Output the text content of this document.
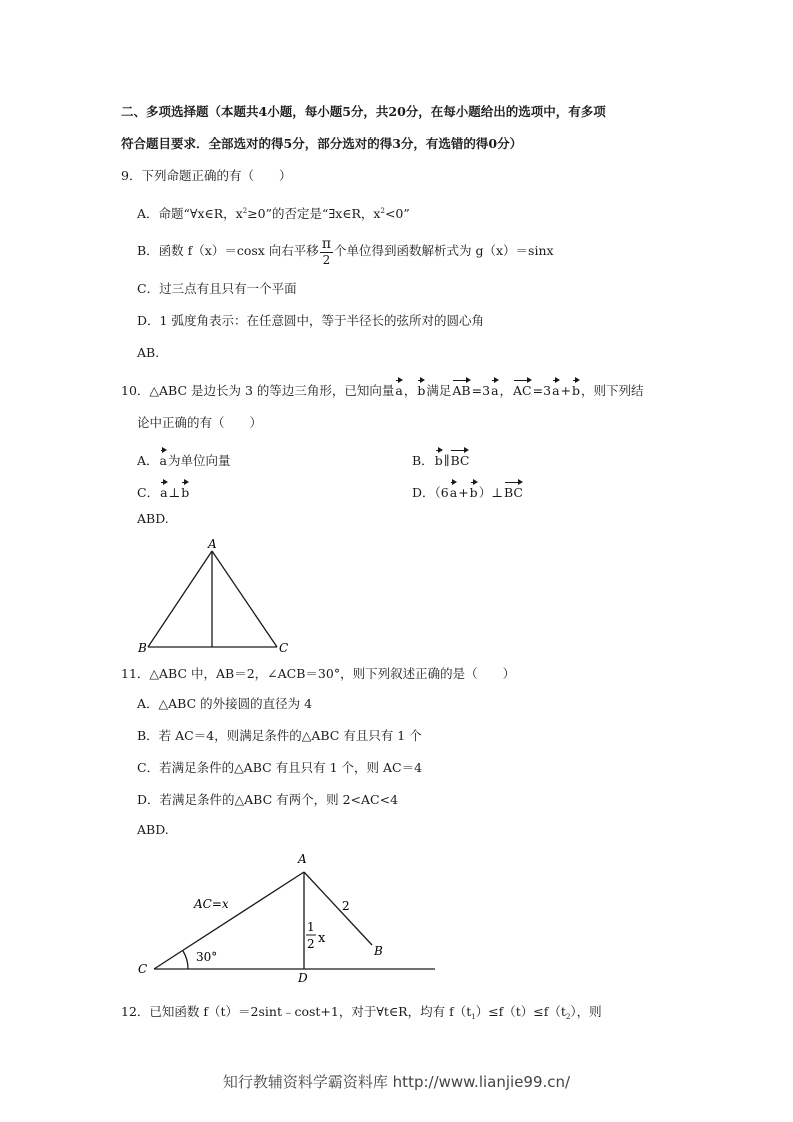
二、多项选择题（本题共4小题，每小题5分，共20分，在每小题给出的选项中，有多项
符合题目要求．全部选对的得5分，部分选对的得3分，有选错的得0分）
9．下列命题正确的有（　　）
A．命题“∀x∈R，$x^2\ge 0$”的否定是“∃x∈R，$x^2<0$”
B．函数 f（x）＝cosx 向右平移 $\frac{\pi}{2}$ 个单位得到函数解析式为 g（x）＝sinx
C．过三点有且只有一个平面
D．1 弧度角表示：在任意圆中，等于半径长的弦所对的圆心角
AB.
10．△ABC 是边长为 3 的等边三角形，已知向量
a，
b满足
AB=3
a，
AC=3
a+
b，则下列结
论中正确的有（　　）
A．
a为单位向量	B．
b∥
BC
C．
a⊥
b	D．（6
a+
b）⊥
BC
ABD.
A
B	C
11．△ABC 中，AB＝2，∠ACB＝30°，则下列叙述正确的是（　　）
A．△ABC 的外接圆的直径为 4
B．若 AC＝4，则满足条件的△ABC 有且只有 1 个
C．若满足条件的△ABC 有且只有 1 个，则 AC＝4
D．若满足条件的△ABC 有两个，则 2<AC<4
ABD.
A
C
D
B
AC=x	2
1
2 x
30°
12．已知函数 f（t）＝2sint﹣cost+1，对于∀t∈R，均有 $f(t_1)\le f(t)\le f(t_2)$，则
知行教辅资料学霸资料库 http://www.lianjie99.cn/
